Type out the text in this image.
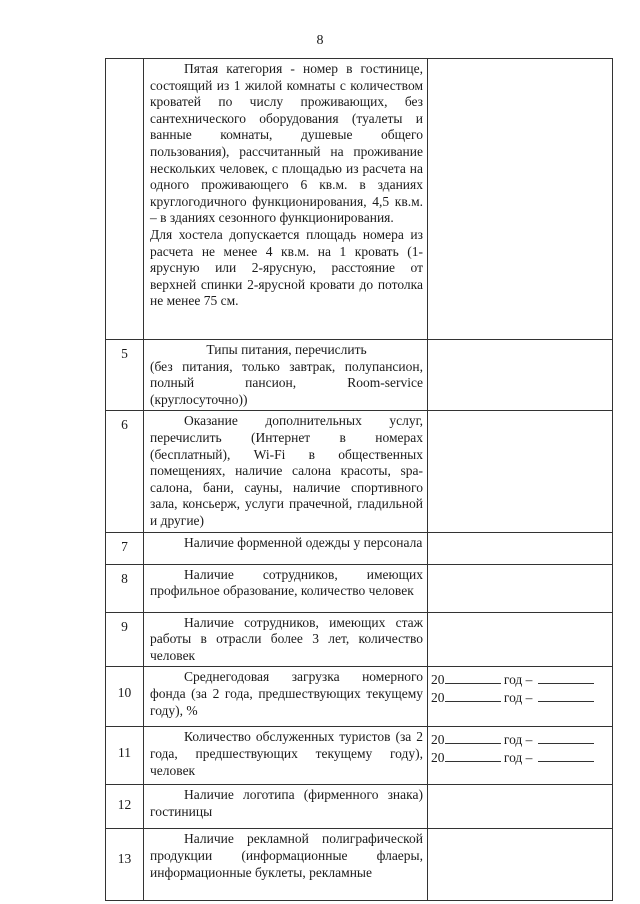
8

	Пятая категория - номер в гостинице, состоящий из 1 жилой комнаты с количеством кроватей по числу проживающих, без сантехнического оборудования (туалеты и ванные комнаты, душевые общего пользования), рассчитанный на проживание нескольких человек, с площадью из расчета на одного проживающего 6 кв.м. в зданиях круглогодичного функционирования, 4,5 кв.м. – в зданиях сезонного функционирования.

Для хостела допускается площадь номера из расчета не менее 4 кв.м. на 1 кровать (1-ярусную или 2-ярусную, расстояние от верхней спинки 2-ярусной кровати до потолка не менее 75 см.	

5	Типы питания, перечислить

(без питания, только завтрак, полупансион, полный пансион, Room-service (круглосуточно))	

6	Оказание дополнительных услуг, перечислить (Интернет в номерах (бесплатный), Wi-Fi в общественных помещениях, наличие салона красоты, spa-салона, бани, сауны, наличие спортивного зала, консьерж, услуги прачечной, гладильной и другие)	

7	Наличие форменной одежды у персонала	

8	Наличие сотрудников, имеющих профильное образование, количество человек	

9	Наличие сотрудников, имеющих стаж работы в отрасли более 3 лет, количество человек	

10	Среднегодовая загрузка номерного фонда (за 2 года, предшествующих текущему году), %	20 год –
20 год –

11	Количество обслуженных туристов (за 2 года, предшествующих текущему году), человек	20 год –
20 год –

12	Наличие логотипа (фирменного знака) гостиницы	

13	Наличие рекламной полиграфической продукции (информационные флаеры, информационные буклеты, рекламные	
